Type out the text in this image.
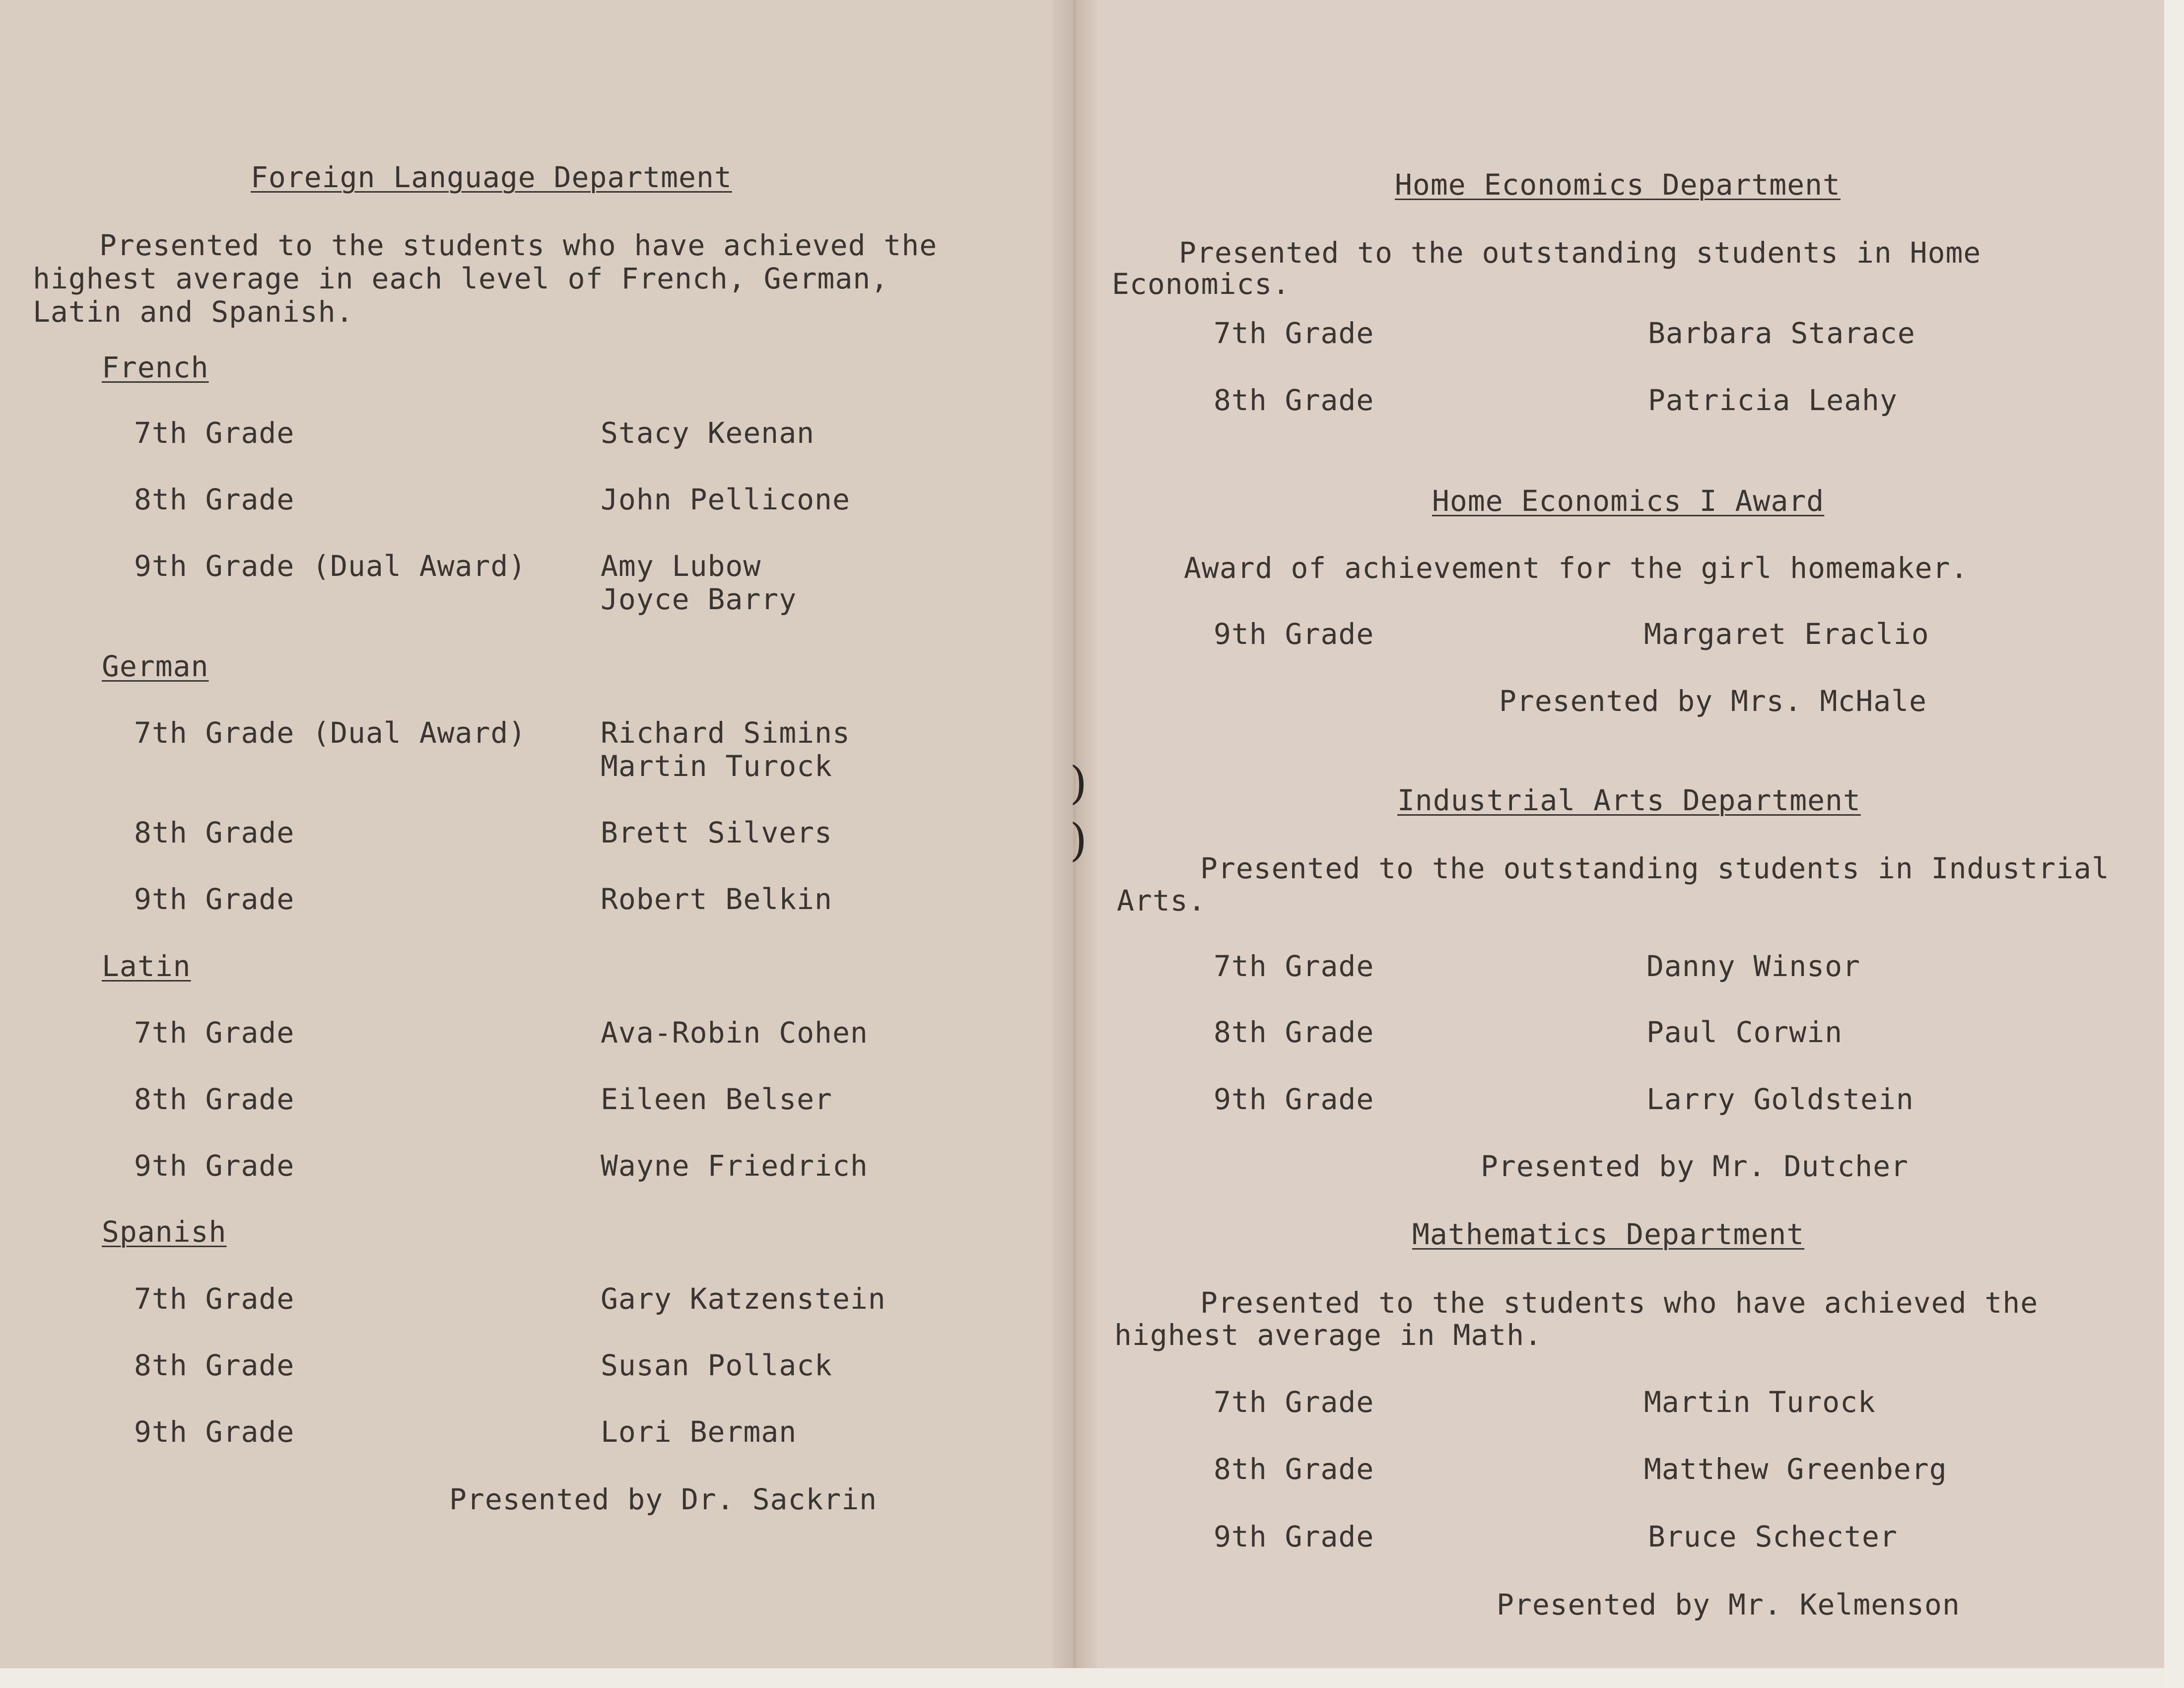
)
)
Foreign Language Department
Presented to the students who have achieved the
highest average in each level of French, German,
Latin and Spanish.
French
7th Grade	Stacy Keenan
8th Grade	John Pellicone
9th Grade (Dual Award)	Amy Lubow
Joyce Barry
German
7th Grade (Dual Award)	Richard Simins
Martin Turock
8th Grade	Brett Silvers
9th Grade	Robert Belkin
Latin
7th Grade	Ava-Robin Cohen
8th Grade	Eileen Belser
9th Grade	Wayne Friedrich
Spanish
7th Grade	Gary Katzenstein
8th Grade	Susan Pollack
9th Grade	Lori Berman
Presented by Dr. Sackrin
Home Economics Department
Presented to the outstanding students in Home
Economics.
7th Grade	Barbara Starace
8th Grade	Patricia Leahy
Home Economics I Award
Award of achievement for the girl homemaker.
9th Grade	Margaret Eraclio
Presented by Mrs. McHale
Industrial Arts Department
Presented to the outstanding students in Industrial
Arts.
7th Grade	Danny Winsor
8th Grade	Paul Corwin
9th Grade	Larry Goldstein
Presented by Mr. Dutcher
Mathematics Department
Presented to the students who have achieved the
highest average in Math.
7th Grade	Martin Turock
8th Grade	Matthew Greenberg
9th Grade	Bruce Schecter
Presented by Mr. Kelmenson
